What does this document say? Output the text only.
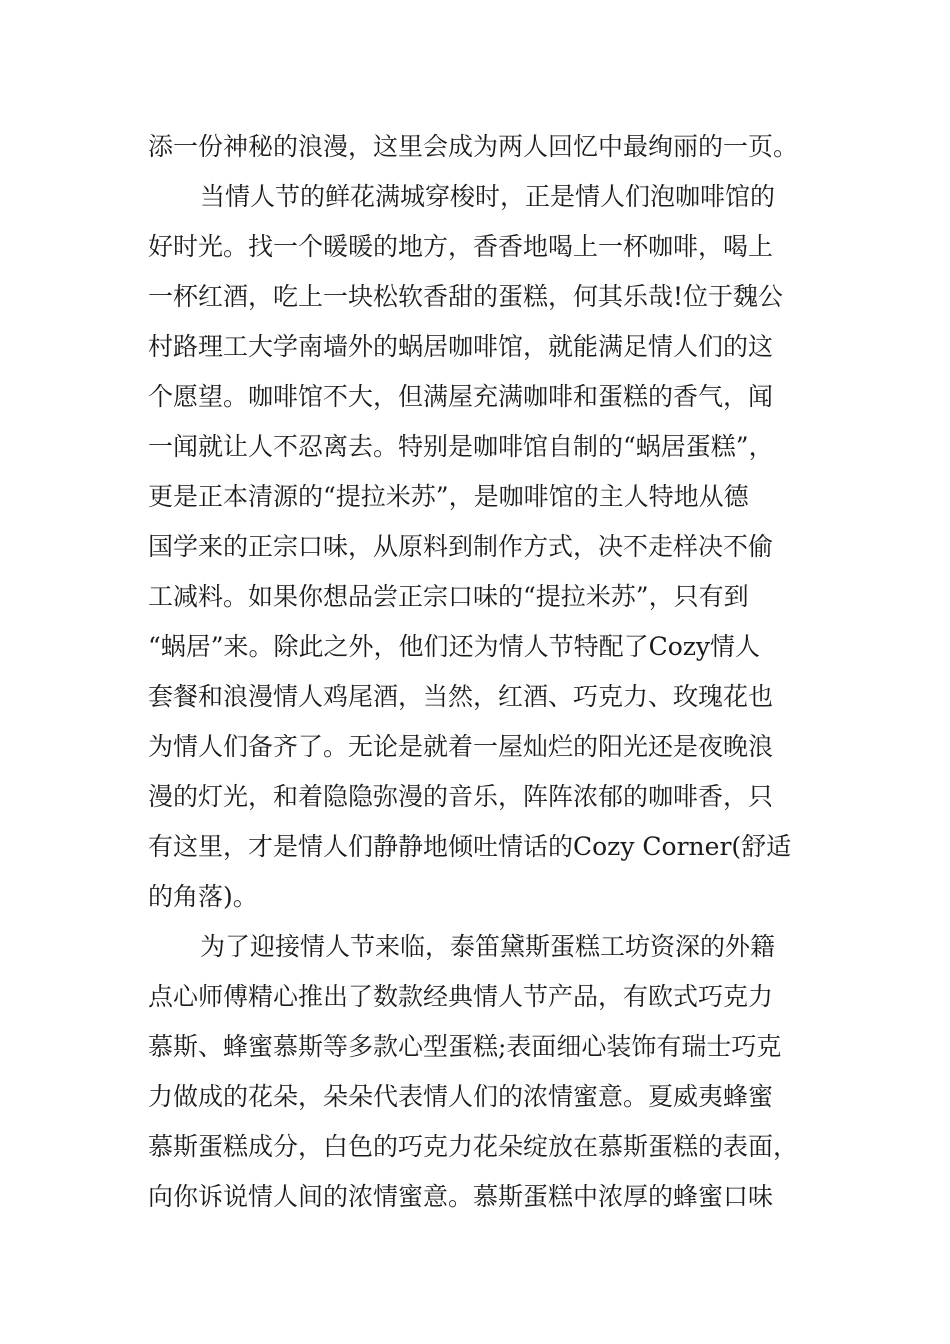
添一份神秘的浪漫，这里会成为两人回忆中最绚丽的一页。
当情人节的鲜花满城穿梭时，正是情人们泡咖啡馆的
好时光。找一个暖暖的地方，香香地喝上一杯咖啡，喝上
一杯红酒，吃上一块松软香甜的蛋糕，何其乐哉!位于魏公
村路理工大学南墙外的蜗居咖啡馆，就能满足情人们的这
个愿望。咖啡馆不大，但满屋充满咖啡和蛋糕的香气，闻
一闻就让人不忍离去。特别是咖啡馆自制的“蜗居蛋糕”，
更是正本清源的“提拉米苏”，是咖啡馆的主人特地从德
国学来的正宗口味，从原料到制作方式，决不走样决不偷
工减料。如果你想品尝正宗口味的“提拉米苏”，只有到
“蜗居”来。除此之外，他们还为情人节特配了Cozy情人
套餐和浪漫情人鸡尾酒，当然，红酒、巧克力、玫瑰花也
为情人们备齐了。无论是就着一屋灿烂的阳光还是夜晚浪
漫的灯光，和着隐隐弥漫的音乐，阵阵浓郁的咖啡香，只
有这里，才是情人们静静地倾吐情话的Cozy Corner(舒适
的角落)。
为了迎接情人节来临，泰笛黛斯蛋糕工坊资深的外籍
点心师傅精心推出了数款经典情人节产品，有欧式巧克力
慕斯、蜂蜜慕斯等多款心型蛋糕;表面细心装饰有瑞士巧克
力做成的花朵，朵朵代表情人们的浓情蜜意。夏威夷蜂蜜
慕斯蛋糕成分，白色的巧克力花朵绽放在慕斯蛋糕的表面，
向你诉说情人间的浓情蜜意。慕斯蛋糕中浓厚的蜂蜜口味
